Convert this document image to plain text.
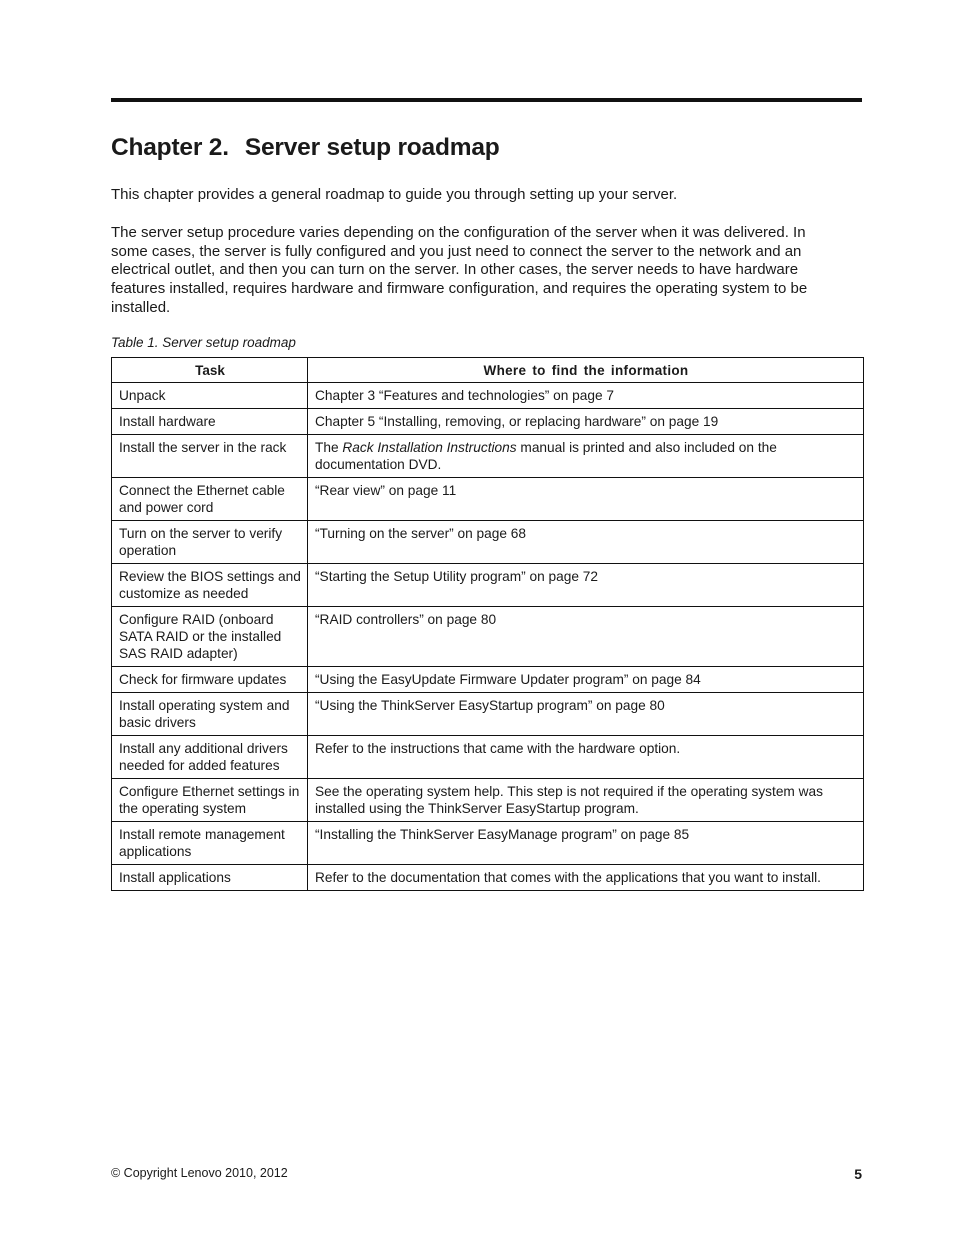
Chapter 2. Server setup roadmap

This chapter provides a general roadmap to guide you through setting up your server.

The server setup procedure varies depending on the configuration of the server when it was delivered. In some cases, the server is fully configured and you just need to connect the server to the network and an electrical outlet, and then you can turn on the server. In other cases, the server needs to have hardware features installed, requires hardware and firmware configuration, and requires the operating system to be installed.

Table 1. Server setup roadmap
Task	Where to find the information
Unpack	Chapter 3 “Features and technologies” on page 7
Install hardware	Chapter 5 “Installing, removing, or replacing hardware” on page 19
Install the server in the rack	The Rack Installation Instructions manual is printed and also included on the documentation DVD.
Connect the Ethernet cable and power cord	“Rear view” on page 11
Turn on the server to verify operation	“Turning on the server” on page 68
Review the BIOS settings and customize as needed	“Starting the Setup Utility program” on page 72
Configure RAID (onboard SATA RAID or the installed SAS RAID adapter)	“RAID controllers” on page 80
Check for firmware updates	“Using the EasyUpdate Firmware Updater program” on page 84
Install operating system and basic drivers	“Using the ThinkServer EasyStartup program” on page 80
Install any additional drivers needed for added features	Refer to the instructions that came with the hardware option.
Configure Ethernet settings in the operating system	See the operating system help. This step is not required if the operating system was installed using the ThinkServer EasyStartup program.
Install remote management applications	“Installing the ThinkServer EasyManage program” on page 85
Install applications	Refer to the documentation that comes with the applications that you want to install.
© Copyright Lenovo 2010, 2012	5
